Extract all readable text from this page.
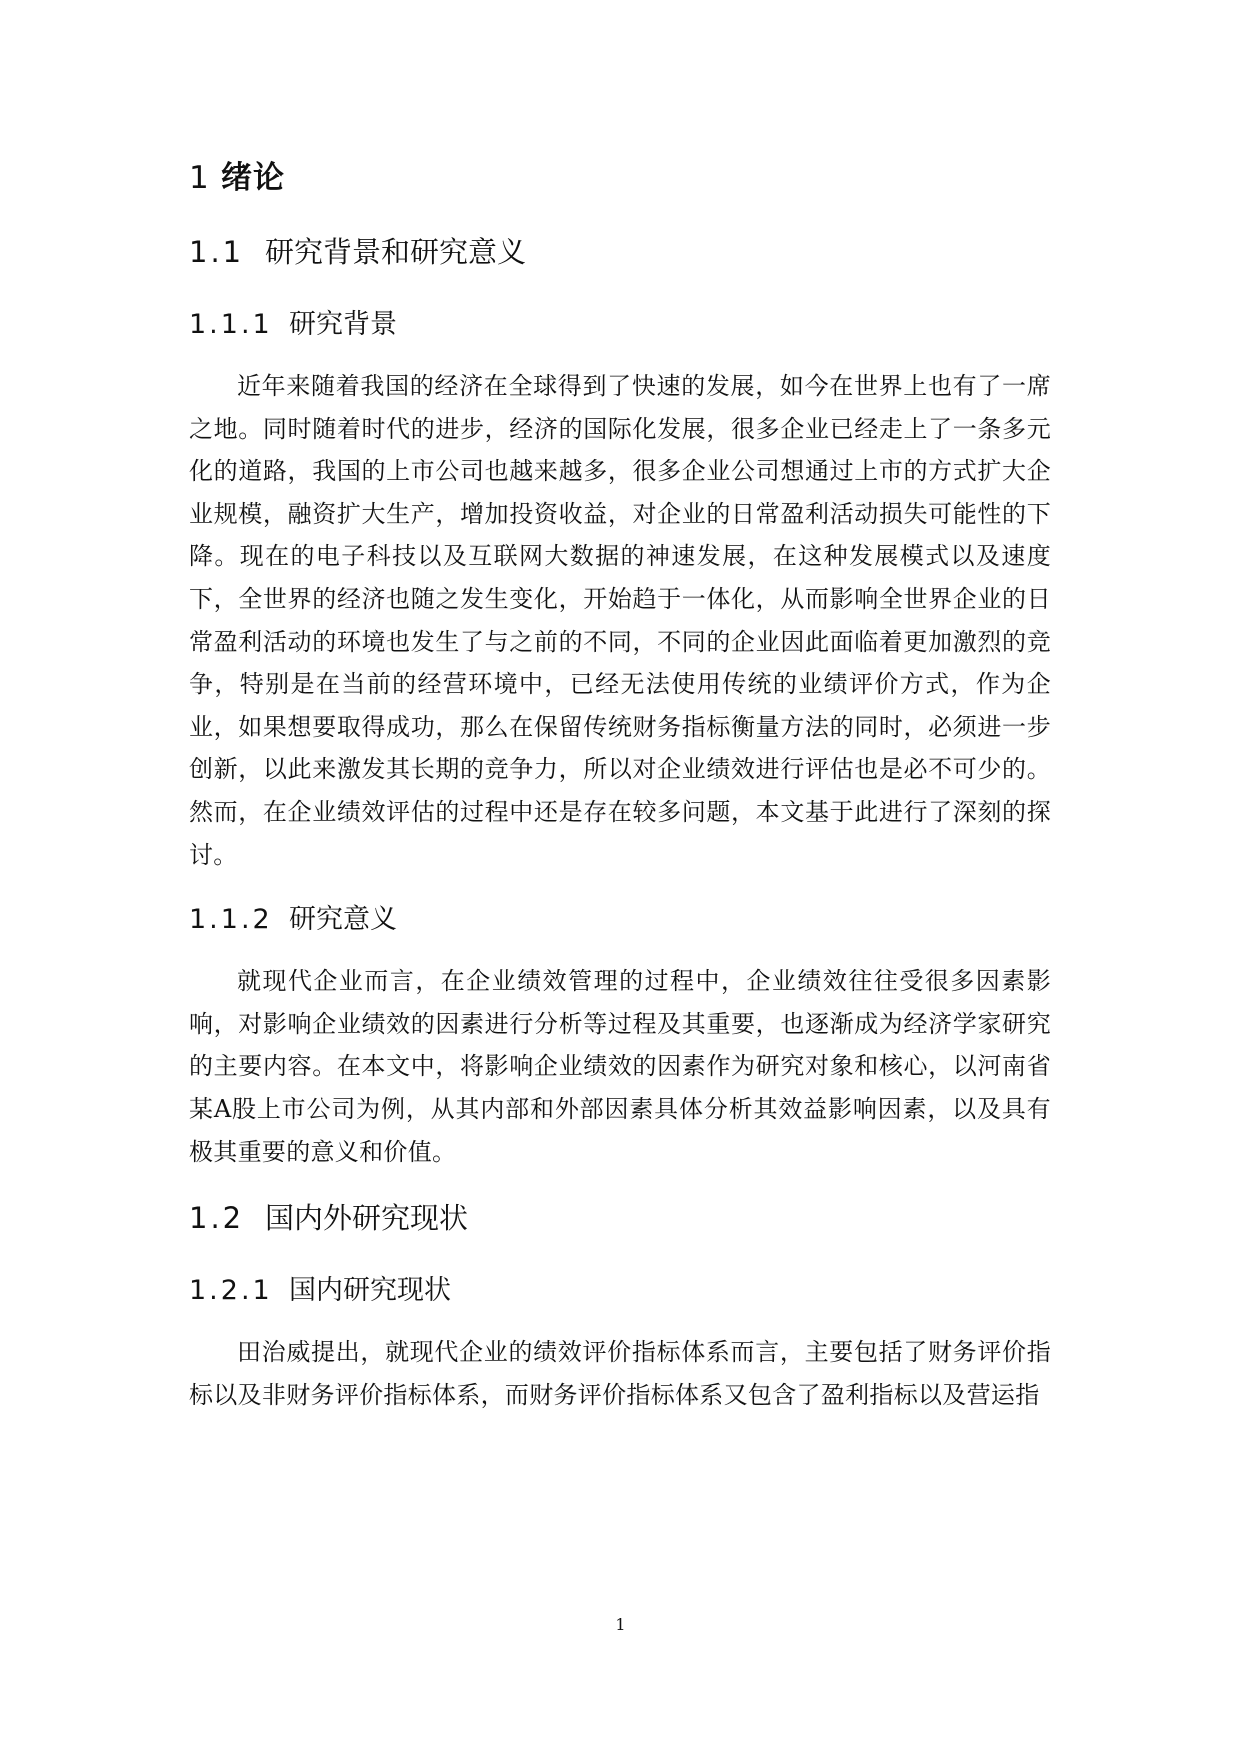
1 绪论
1.1 研究背景和研究意义
1.1.1 研究背景

近年来随着我国的经济在全球得到了快速的发展，如今在世界上也有了一席之地。同时随着时代的进步，经济的国际化发展，很多企业已经走上了一条多元化的道路，我国的上市公司也越来越多，很多企业公司想通过上市的方式扩大企业规模，融资扩大生产，增加投资收益，对企业的日常盈利活动损失可能性的下降。现在的电子科技以及互联网大数据的神速发展，在这种发展模式以及速度下，全世界的经济也随之发生变化，开始趋于一体化，从而影响全世界企业的日常盈利活动的环境也发生了与之前的不同，不同的企业因此面临着更加激烈的竞争，特别是在当前的经营环境中，已经无法使用传统的业绩评价方式，作为企业，如果想要取得成功，那么在保留传统财务指标衡量方法的同时，必须进一步创新，以此来激发其长期的竞争力，所以对企业绩效进行评估也是必不可少的。然而，在企业绩效评估的过程中还是存在较多问题，本文基于此进行了深刻的探讨。

1.1.2 研究意义

就现代企业而言，在企业绩效管理的过程中，企业绩效往往受很多因素影响，对影响企业绩效的因素进行分析等过程及其重要，也逐渐成为经济学家研究的主要内容。在本文中，将影响企业绩效的因素作为研究对象和核心，以河南省某A股上市公司为例，从其内部和外部因素具体分析其效益影响因素，以及具有极其重要的意义和价值。

1.2 国内外研究现状
1.2.1 国内研究现状

田治威提出，就现代企业的绩效评价指标体系而言，主要包括了财务评价指标以及非财务评价指标体系，而财务评价指标体系又包含了盈利指标以及营运指

1
